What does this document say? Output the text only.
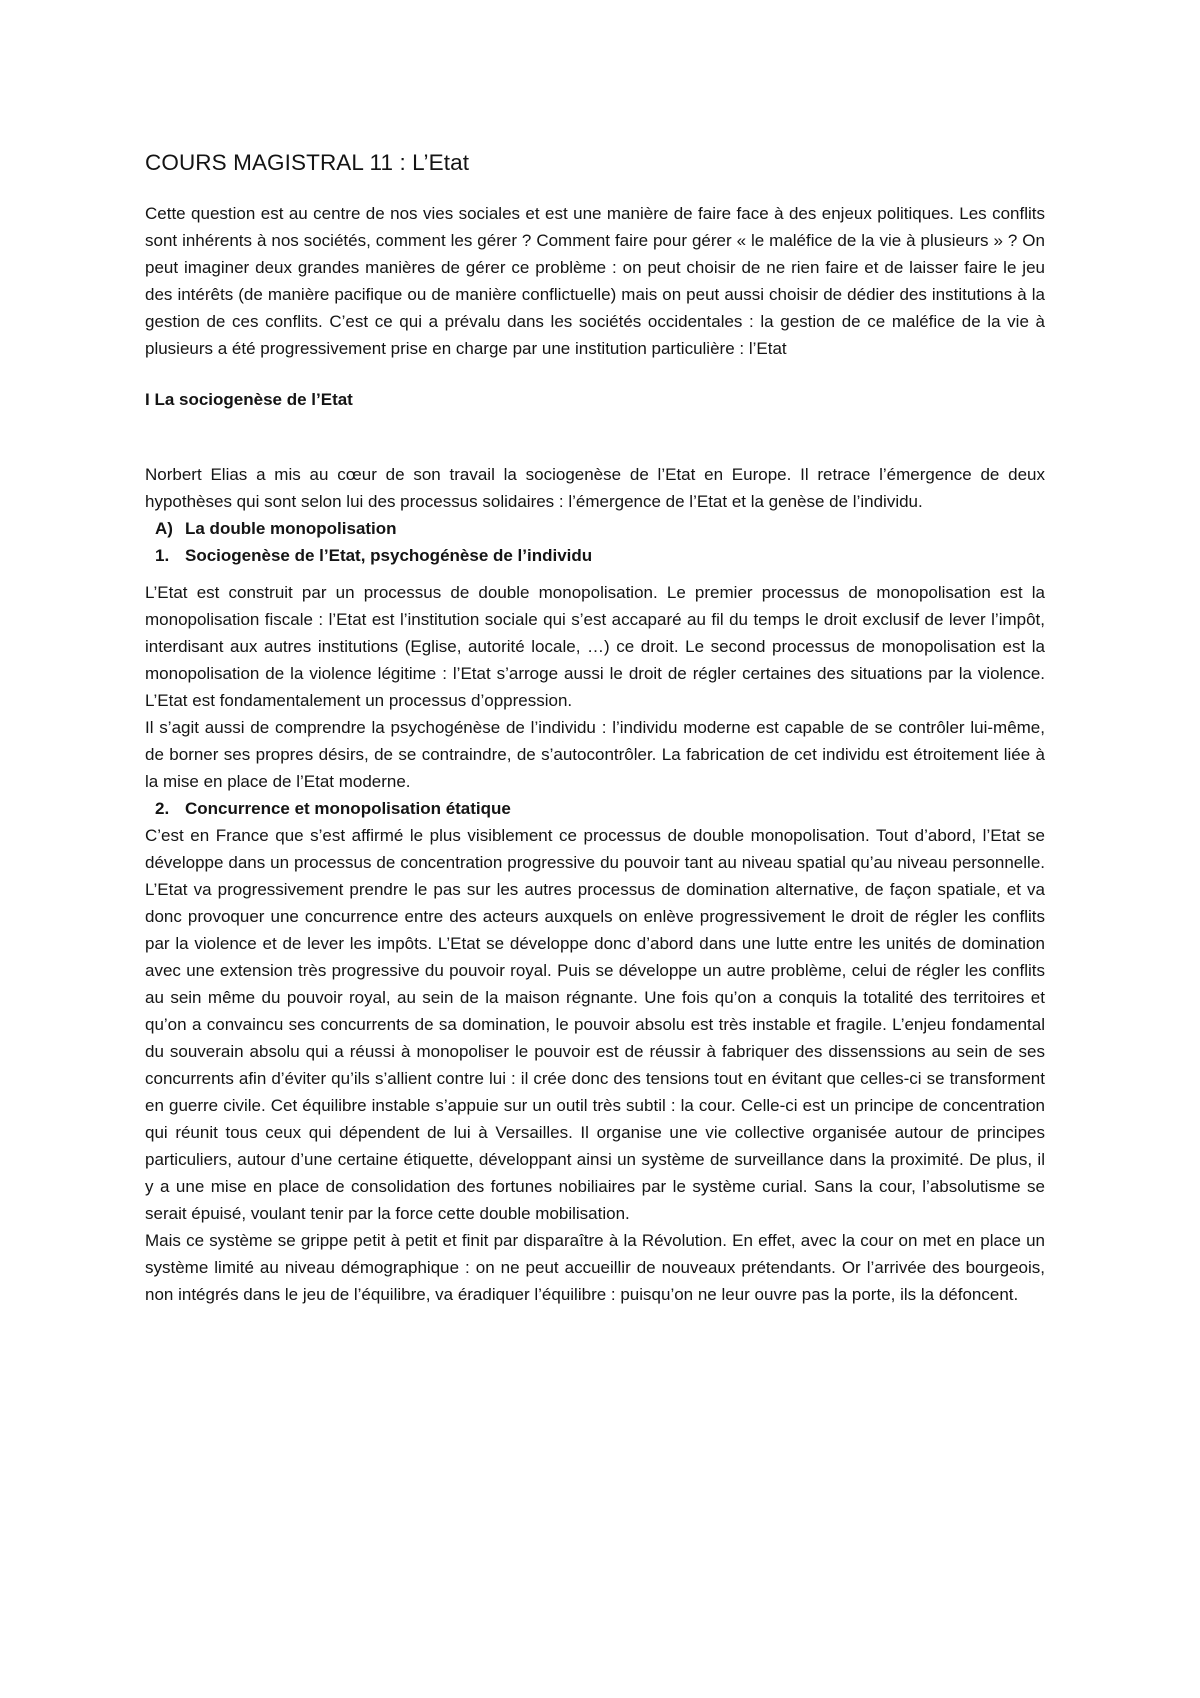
COURS MAGISTRAL 11 : L’Etat

Cette question est au centre de nos vies sociales et est une manière de faire face à des enjeux politiques. Les conflits sont inhérents à nos sociétés, comment les gérer ? Comment faire pour gérer « le maléfice de la vie à plusieurs » ? On peut imaginer deux grandes manières de gérer ce problème : on peut choisir de ne rien faire et de laisser faire le jeu des intérêts (de manière pacifique ou de manière conflictuelle) mais on peut aussi choisir de dédier des institutions à la gestion de ces conflits. C’est ce qui a prévalu dans les sociétés occidentales : la gestion de ce maléfice de la vie à plusieurs a été progressivement prise en charge par une institution particulière : l’Etat

I La sociogenèse de l’Etat

Norbert Elias a mis au cœur de son travail la sociogenèse de l’Etat en Europe. Il retrace l’émergence de deux hypothèses qui sont selon lui des processus solidaires : l’émergence de l’Etat et la genèse de l’individu.

A) La double monopolisation
1. Sociogenèse de l’Etat, psychogénèse de l’individu

L’Etat est construit par un processus de double monopolisation. Le premier processus de monopolisation est la monopolisation fiscale : l’Etat est l’institution sociale qui s’est accaparé au fil du temps le droit exclusif de lever l’impôt, interdisant aux autres institutions (Eglise, autorité locale, …) ce droit. Le second processus de monopolisation est la monopolisation de la violence légitime : l’Etat s’arroge aussi le droit de régler certaines des situations par la violence. L’Etat est fondamentalement un processus d’oppression.

Il s’agit aussi de comprendre la psychogénèse de l’individu : l’individu moderne est capable de se contrôler lui-même, de borner ses propres désirs, de se contraindre, de s’autocontrôler. La fabrication de cet individu est étroitement liée à la mise en place de l’Etat moderne.

2. Concurrence et monopolisation étatique

C’est en France que s’est affirmé le plus visiblement ce processus de double monopolisation. Tout d’abord, l’Etat se développe dans un processus de concentration progressive du pouvoir tant au niveau spatial qu’au niveau personnelle. L’Etat va progressivement prendre le pas sur les autres processus de domination alternative, de façon spatiale, et va donc provoquer une concurrence entre des acteurs auxquels on enlève progressivement le droit de régler les conflits par la violence et de lever les impôts. L’Etat se développe donc d’abord dans une lutte entre les unités de domination avec une extension très progressive du pouvoir royal. Puis se développe un autre problème, celui de régler les conflits au sein même du pouvoir royal, au sein de la maison régnante. Une fois qu’on a conquis la totalité des territoires et qu’on a convaincu ses concurrents de sa domination, le pouvoir absolu est très instable et fragile. L’enjeu fondamental du souverain absolu qui a réussi à monopoliser le pouvoir est de réussir à fabriquer des dissenssions au sein de ses concurrents afin d’éviter qu’ils s’allient contre lui : il crée donc des tensions tout en évitant que celles-ci se transforment en guerre civile. Cet équilibre instable s’appuie sur un outil très subtil : la cour. Celle-ci est un principe de concentration qui réunit tous ceux qui dépendent de lui à Versailles. Il organise une vie collective organisée autour de principes particuliers, autour d’une certaine étiquette, développant ainsi un système de surveillance dans la proximité. De plus, il y a une mise en place de consolidation des fortunes nobiliaires par le système curial. Sans la cour, l’absolutisme se serait épuisé, voulant tenir par la force cette double mobilisation.

Mais ce système se grippe petit à petit et finit par disparaître à la Révolution. En effet, avec la cour on met en place un système limité au niveau démographique : on ne peut accueillir de nouveaux prétendants. Or l’arrivée des bourgeois, non intégrés dans le jeu de l’équilibre, va éradiquer l’équilibre : puisqu’on ne leur ouvre pas la porte, ils la défoncent.
